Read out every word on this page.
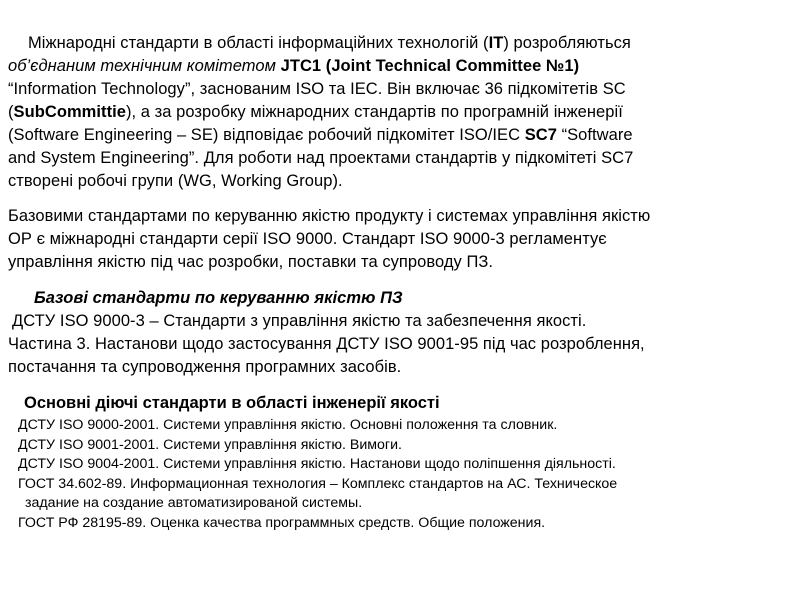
Міжнародні стандарти в області інформаційних технологій (IT) розробляються
об’єднаним технічним комітетом JTC1 (Joint Technical Committee №1)
“Information Technology”, заснованим ISO та IEC. Він включає 36 підкомітетів SC
(SubCommittie), а за розробку міжнародних стандартів по програмній інженерії
(Software Engineering – SE) відповідає робочий підкомітет ISO/IEC SC7 “Software
and System Engineering”. Для роботи над проектами стандартів у підкомітеті SC7
створені робочі групи (WG, Working Group).
Базовими стандартами по керуванню якістю продукту і системах управління якістю
ОР є міжнародні стандарти серії ISO 9000. Стандарт ISO 9000-3 регламентує
управління якістю під час розробки, поставки та супроводу ПЗ.
Базові стандарти по керуванню якістю ПЗ
ДСТУ ISO 9000-3 – Стандарти з управління якістю та забезпечення якості.
Частина 3. Настанови щодо застосування ДСТУ ISO 9001-95 під час розроблення,
постачання та супроводження програмних засобів.
Основні діючі стандарти в області інженерії якості
ДСТУ ISO 9000-2001. Системи управління якістю. Основні положення та словник.
ДСТУ ISO 9001-2001. Системи управління якістю. Вимоги.
ДСТУ ISO 9004-2001. Системи управління якістю. Настанови щодо поліпшення діяльності.
ГОСТ 34.602-89. Информационная технология – Комплекс стандартов на АС. Техническое
задание на создание автоматизированой системы.
ГОСТ РФ 28195-89. Оценка качества программных средств. Общие положения.
